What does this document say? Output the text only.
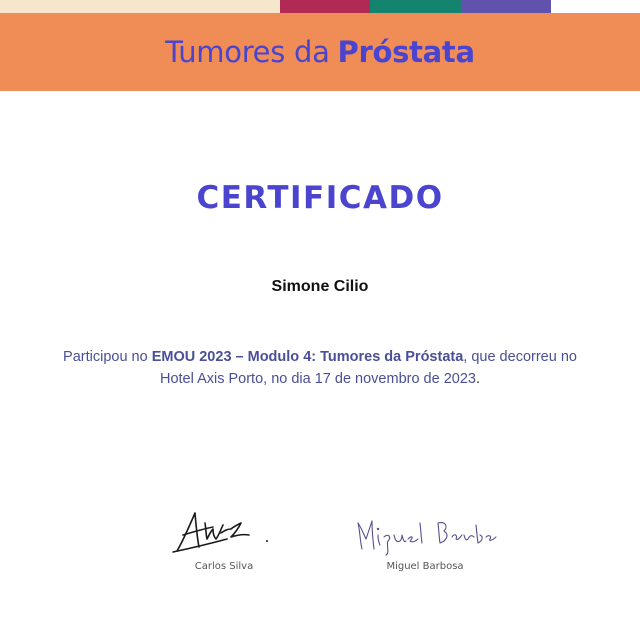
Tumores da Próstata
CERTIFICADO
Simone Cilio
Participou no EMOU 2023 – Modulo 4: Tumores da Próstata, que decorreu no Hotel Axis Porto, no dia 17 de novembro de 2023.
Carlos Silva	Miguel Barbosa
